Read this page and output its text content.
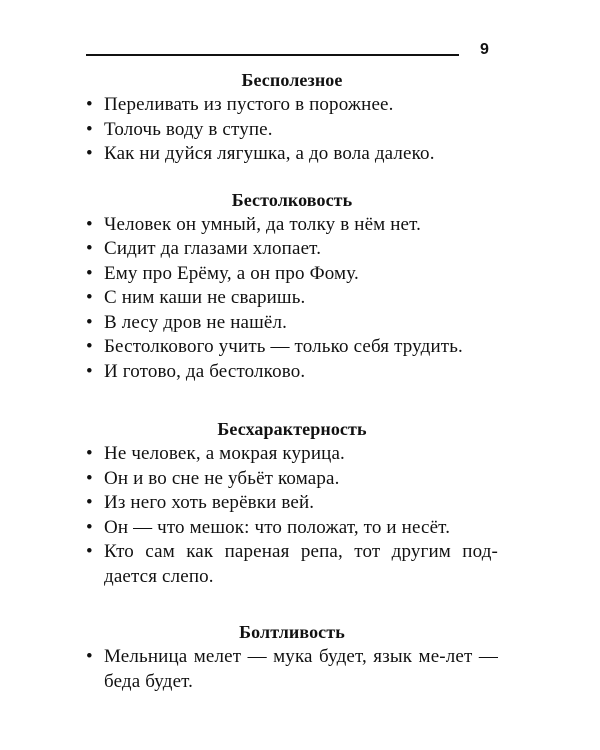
9
Бесполезное
• Переливать из пустого в порожнее.
• Толочь воду в ступе.
• Как ни дуйся лягушка, а до вола далеко.
Бестолковость
• Человек он умный, да толку в нём нет.
• Сидит да глазами хлопает.
• Ему про Ерёму, а он про Фому.
• С ним каши не сваришь.
• В лесу дров не нашёл.
• Бестолкового учить — только себя трудить.
• И готово, да бестолково.
Бесхарактерность
• Не человек, а мокрая курица.
• Он и во сне не убьёт комара.
• Из него хоть верёвки вей.
• Он — что мешок: что положат, то и несёт.
• Кто сам как пареная репа, тот другим под-дается слепо.
Болтливость
• Мельница мелет — мука будет, язык ме-лет — беда будет.
